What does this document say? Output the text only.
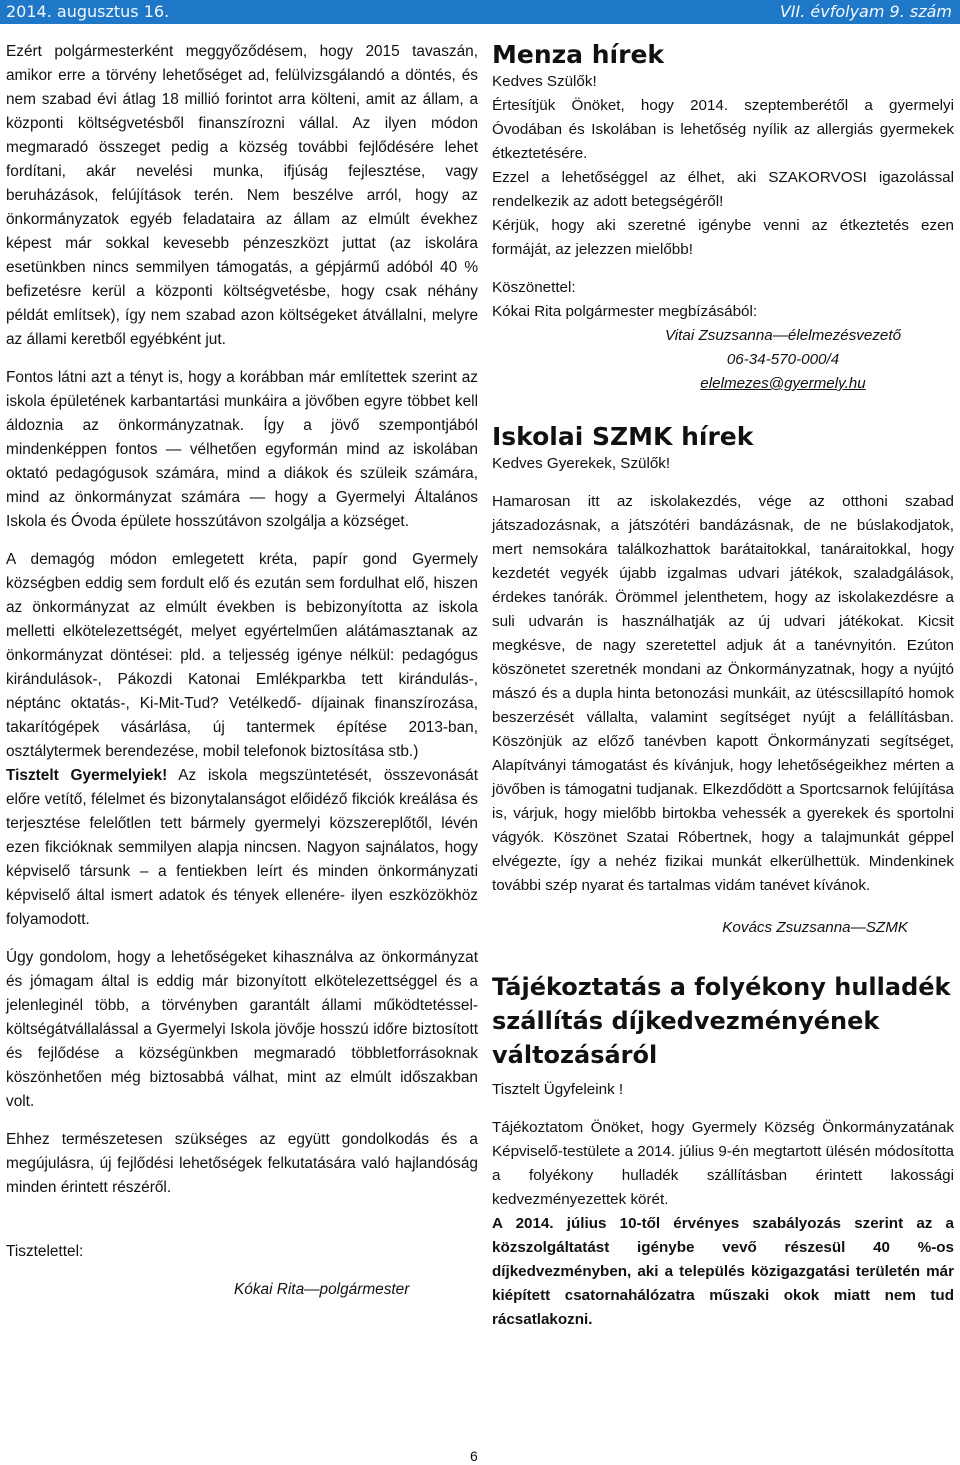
2014. augusztus 16.	VII. évfolyam 9. szám

Ezért polgármesterként meggyőződésem, hogy 2015 tavaszán, amikor erre a törvény lehetőséget ad, felülvizsgálandó a döntés, és nem szabad évi átlag 18 millió forintot arra költeni, amit az állam, a központi költségvetésből finanszírozni vállal. Az ilyen módon megmaradó összeget pedig a község további fejlődésére lehet fordítani, akár nevelési munka, ifjúság fejlesztése, vagy beruházások, felújítások terén. Nem beszélve arról, hogy az önkormányzatok egyéb feladataira az állam az elmúlt évekhez képest már sokkal kevesebb pénzeszközt juttat (az iskolára esetünkben nincs semmilyen támogatás, a gépjármű adóból 40 % befizetésre kerül a központi költségvetésbe, hogy csak néhány példát említsek), így nem szabad azon költségeket átvállalni, melyre az állami keretből egyébként jut.

Fontos látni azt a tényt is, hogy a korábban már említettek szerint az iskola épületének karbantartási munkáira a jövőben egyre többet kell áldoznia az önkormányzatnak. Így a jövő szempontjából mindenképpen fontos — vélhetően egyformán mind az iskolában oktató pedagógusok számára, mind a diákok és szüleik számára, mind az önkormányzat számára — hogy a Gyermelyi Általános Iskola és Óvoda épülete hosszútávon szolgálja a községet.

A demagóg módon emlegetett kréta, papír gond Gyermely községben eddig sem fordult elő és ezután sem fordulhat elő, hiszen az önkormányzat az elmúlt években is bebizonyította az iskola melletti elkötelezettségét, melyet egyértelműen alátámasztanak az önkormányzat döntései: pld. a teljesség igénye nélkül: pedagógus kirándulások-, Pákozdi Katonai Emlékparkba tett kirándulás-, néptánc oktatás-, Ki-Mit-Tud? Vetélkedő- díjainak finanszírozása, takarítógépek vásárlása, új tantermek építése 2013-ban, osztálytermek berendezése, mobil telefonok biztosítása stb.)

Tisztelt Gyermelyiek! Az iskola megszüntetését, összevonását előre vetítő, félelmet és bizonytalanságot előidéző fikciók kreálása és terjesztése felelőtlen tett bármely gyermelyi közszereplőtől, lévén ezen fikcióknak semmilyen alapja nincsen. Nagyon sajnálatos, hogy képviselő társunk – a fentiekben leírt és minden önkormányzati képviselő által ismert adatok és tények ellenére- ilyen eszközökhöz folyamodott.

Úgy gondolom, hogy a lehetőségeket kihasználva az önkormányzat és jómagam által is eddig már bizonyított elkötelezettséggel és a jelenleginél több, a törvényben garantált állami működtetéssel- költségátvállalással a Gyermelyi Iskola jövője hosszú időre biztosított és fejlődése a községünkben megmaradó többletforrásoknak köszönhetően még biztosabbá válhat, mint az elmúlt időszakban volt.

Ehhez természetesen szükséges az együtt gondolkodás és a megújulásra, új fejlődési lehetőségek felkutatására való hajlandóság minden érintett részéről.

Tisztelettel:

Kókai Rita—polgármester

Menza hírek

Kedves Szülők!

Értesítjük Önöket, hogy 2014. szeptemberétől a gyermelyi Óvodában és Iskolában is lehetőség nyílik az allergiás gyermekek étkeztetésére.

Ezzel a lehetőséggel az élhet, aki SZAKORVOSI igazolással rendelkezik az adott betegségéről!

Kérjük, hogy aki szeretné igénybe venni az étkeztetés ezen formáját, az jelezzen mielőbb!

Köszönettel:

Kókai Rita polgármester megbízásából:

Vitai Zsuzsanna—élelmezésvezető

06-34-570-000/4

elelmezes@gyermely.hu

Iskolai SZMK hírek

Kedves Gyerekek, Szülők!

Hamarosan itt az iskolakezdés, vége az otthoni szabad játszadozásnak, a játszótéri bandázásnak, de ne búslakodjatok, mert nemsokára találkozhattok barátaitokkal, tanáraitokkal, hogy kezdetét vegyék újabb izgalmas udvari játékok, szaladgálások, érdekes tanórák. Örömmel jelenthetem, hogy az iskolakezdésre a suli udvarán is használhatják az új udvari játékokat. Kicsit megkésve, de nagy szeretettel adjuk át a tanévnyitón. Ezúton köszönetet szeretnék mondani az Önkormányzatnak, hogy a nyújtó mászó és a dupla hinta betonozási munkáit, az ütéscsillapító homok beszerzését vállalta, valamint segítséget nyújt a felállításban. Köszönjük az előző tanévben kapott Önkormányzati segítséget, Alapítványi támogatást és kívánjuk, hogy lehetőségeikhez mérten a jövőben is támogatni tudjanak. Elkezdődött a Sportcsarnok felújítása is, várjuk, hogy mielőbb birtokba vehessék a gyerekek és sportolni vágyók. Köszönet Szatai Róbertnek, hogy a talajmunkát géppel elvégezte, így a nehéz fizikai munkát elkerülhettük. Mindenkinek további szép nyarat és tartalmas vidám tanévet kívánok.

Kovács Zsuzsanna—SZMK

Tájékoztatás a folyékony hulladék szállítás díjkedvezményének változásáról

Tisztelt Ügyfeleink !

Tájékoztatom Önöket, hogy Gyermely Község Önkormányzatának Képviselő-testülete a 2014. július 9-én megtartott ülésén módosította a folyékony hulladék szállításban érintett lakossági kedvezményezettek körét.

A 2014. július 10-től érvényes szabályozás szerint az a közszolgáltatást igénybe vevő részesül 40 %-os díjkedvezményben, aki a település közigazgatási területén már kiépített csatornahálózatra műszaki okok miatt nem tud rácsatlakozni.

6
